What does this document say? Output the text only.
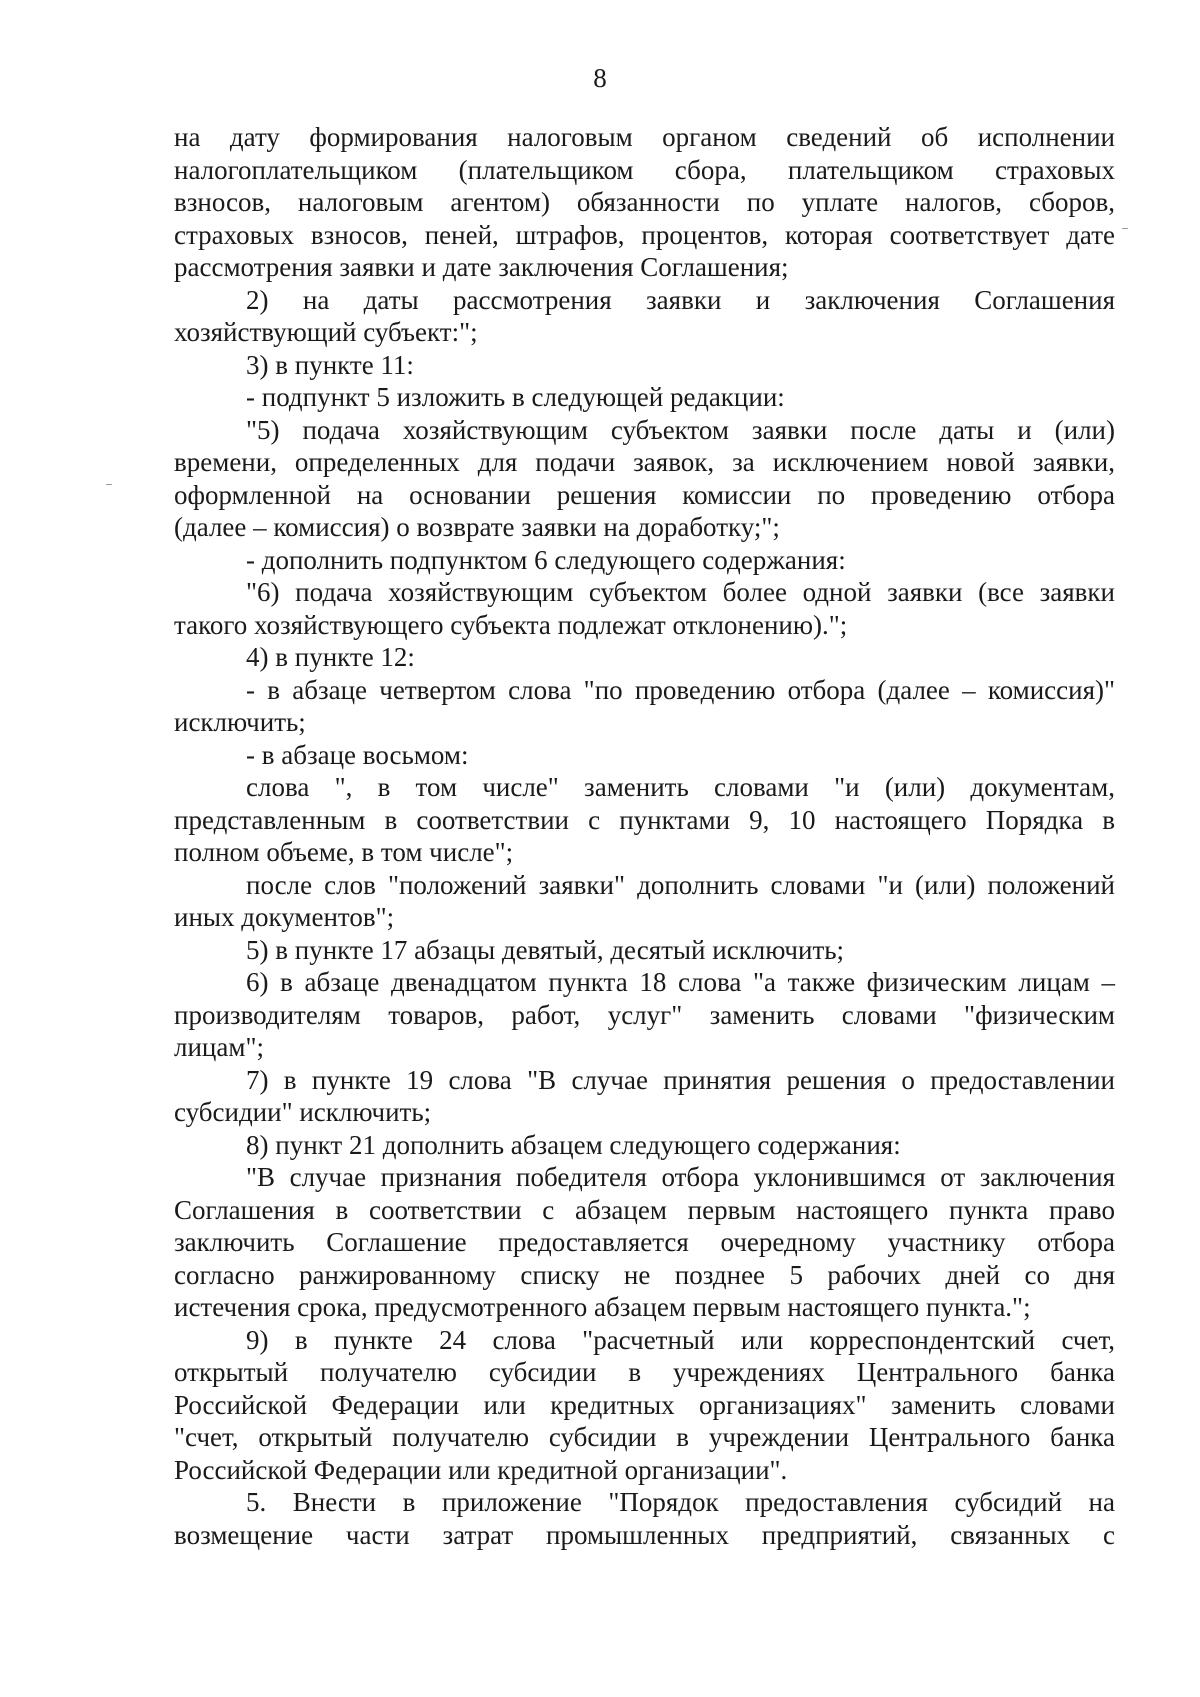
8
на дату формирования налоговым органом сведений об исполнении
налогоплательщиком (плательщиком сбора, плательщиком страховых
взносов, налоговым агентом) обязанности по уплате налогов, сборов,
страховых взносов, пеней, штрафов, процентов, которая соответствует дате
рассмотрения заявки и дате заключения Соглашения;
2) на даты рассмотрения заявки и заключения Соглашения
хозяйствующий субъект:";
3) в пункте 11:
- подпункт 5 изложить в следующей редакции:
"5) подача хозяйствующим субъектом заявки после даты и (или)
времени, определенных для подачи заявок, за исключением новой заявки,
оформленной на основании решения комиссии по проведению отбора
(далее – комиссия) о возврате заявки на доработку;";
- дополнить подпунктом 6 следующего содержания:
"6) подача хозяйствующим субъектом более одной заявки (все заявки
такого хозяйствующего субъекта подлежат отклонению).";
4) в пункте 12:
- в абзаце четвертом слова "по проведению отбора (далее – комиссия)"
исключить;
- в абзаце восьмом:
слова ", в том числе" заменить словами "и (или) документам,
представленным в соответствии с пунктами 9, 10 настоящего Порядка в
полном объеме, в том числе";
после слов "положений заявки" дополнить словами "и (или) положений
иных документов";
5) в пункте 17 абзацы девятый, десятый исключить;
6) в абзаце двенадцатом пункта 18 слова "а также физическим лицам –
производителям товаров, работ, услуг" заменить словами "физическим
лицам";
7) в пункте 19 слова "В случае принятия решения о предоставлении
субсидии" исключить;
8) пункт 21 дополнить абзацем следующего содержания:
"В случае признания победителя отбора уклонившимся от заключения
Соглашения в соответствии с абзацем первым настоящего пункта право
заключить Соглашение предоставляется очередному участнику отбора
согласно ранжированному списку не позднее 5 рабочих дней со дня
истечения срока, предусмотренного абзацем первым настоящего пункта.";
9) в пункте 24 слова "расчетный или корреспондентский счет,
открытый получателю субсидии в учреждениях Центрального банка
Российской Федерации или кредитных организациях" заменить словами
"счет, открытый получателю субсидии в учреждении Центрального банка
Российской Федерации или кредитной организации".
5. Внести в приложение "Порядок предоставления субсидий на
возмещение части затрат промышленных предприятий, связанных с
